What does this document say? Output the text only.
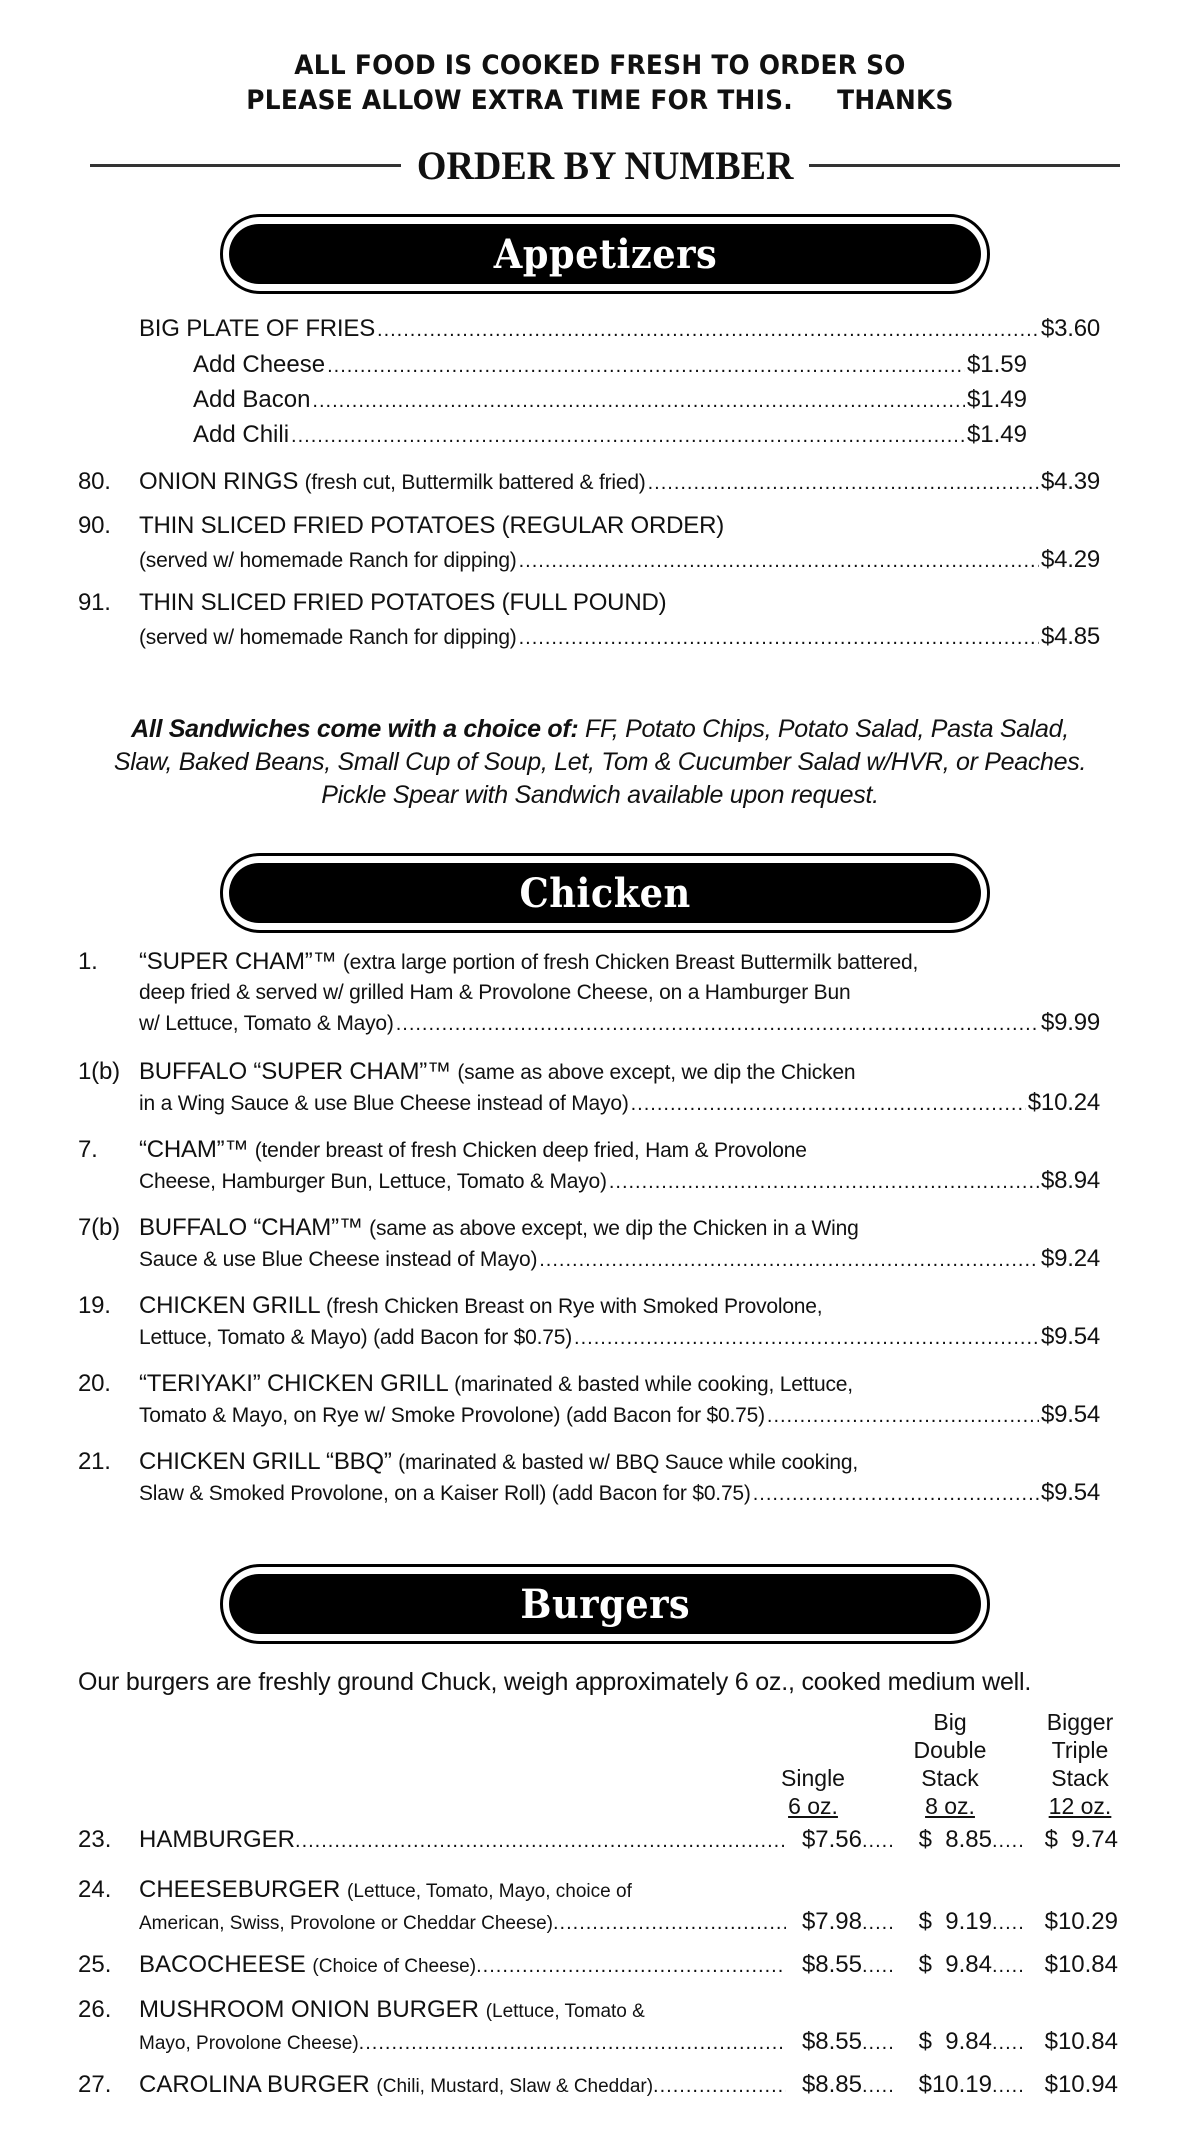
ALL FOOD IS COOKED FRESH TO ORDER SO
PLEASE ALLOW EXTRA TIME FOR THIS. THANKS
ORDER BY NUMBER
Appetizers
BIG PLATE OF FRIES .....	$3.60
Add Cheese .....	$1.59
Add Bacon .....	$1.49
Add Chili .....	$1.49
80. ONION RINGS
(fresh cut, Buttermilk battered & fried) .....	$4.39
90. THIN SLICED FRIED POTATOES (REGULAR ORDER)
(served w/ homemade Ranch for dipping) .....	$4.29
91. THIN SLICED FRIED POTATOES (FULL POUND)
(served w/ homemade Ranch for dipping) .....	$4.85
All Sandwiches come with a choice of: FF, Potato Chips, Potato Salad, Pasta Salad,
Slaw, Baked Beans, Small Cup of Soup, Let, Tom & Cucumber Salad w/HVR, or Peaches.
Pickle Spear with Sandwich available upon request.
Chicken
1. “SUPER CHAM”™ (extra large portion of fresh Chicken Breast Buttermilk battered,
deep fried & served w/ grilled Ham & Provolone Cheese, on a Hamburger Bun
w/ Lettuce, Tomato & Mayo) .....	$9.99
1(b) BUFFALO “SUPER CHAM”™ (same as above except, we dip the Chicken
in a Wing Sauce & use Blue Cheese instead of Mayo) .....	$10.24
7. “CHAM”™ (tender breast of fresh Chicken deep fried, Ham & Provolone
Cheese, Hamburger Bun, Lettuce, Tomato & Mayo) .....	$8.94
7(b) BUFFALO “CHAM”™ (same as above except, we dip the Chicken in a Wing
Sauce & use Blue Cheese instead of Mayo) .....	$9.24
19. CHICKEN GRILL (fresh Chicken Breast on Rye with Smoked Provolone,
Lettuce, Tomato & Mayo) (add Bacon for $0.75) .....	$9.54
20. “TERIYAKI” CHICKEN GRILL (marinated & basted while cooking, Lettuce,
Tomato & Mayo, on Rye w/ Smoke Provolone) (add Bacon for $0.75) .....	$9.54
21. CHICKEN GRILL “BBQ” (marinated & basted w/ BBQ Sauce while cooking,
Slaw & Smoked Provolone, on a Kaiser Roll) (add Bacon for $0.75) .....	$9.54
Burgers
Our burgers are freshly ground Chuck, weigh approximately 6 oz., cooked medium well.

Single
6 oz.
Big
Double
Stack
8 oz.
Bigger
Triple
Stack
12 oz.
23. HAMBURGER .....	$7.56 ..... $  8.85 ..... $  9.74
24. CHEESEBURGER (Lettuce, Tomato, Mayo, choice of
American, Swiss, Provolone or Cheddar Cheese) .....	$7.98 ..... $  9.19 ..... $10.29
25. BACOCHEESE
(Choice of Cheese) .....	$8.55 ..... $  9.84 ..... $10.84
26. MUSHROOM ONION BURGER (Lettuce, Tomato &
Mayo, Provolone Cheese) .....	$8.55 ..... $  9.84 ..... $10.84
27. CAROLINA BURGER
(Chili, Mustard, Slaw & Cheddar) .....	$8.85 ..... $10.19 ..... $10.94
